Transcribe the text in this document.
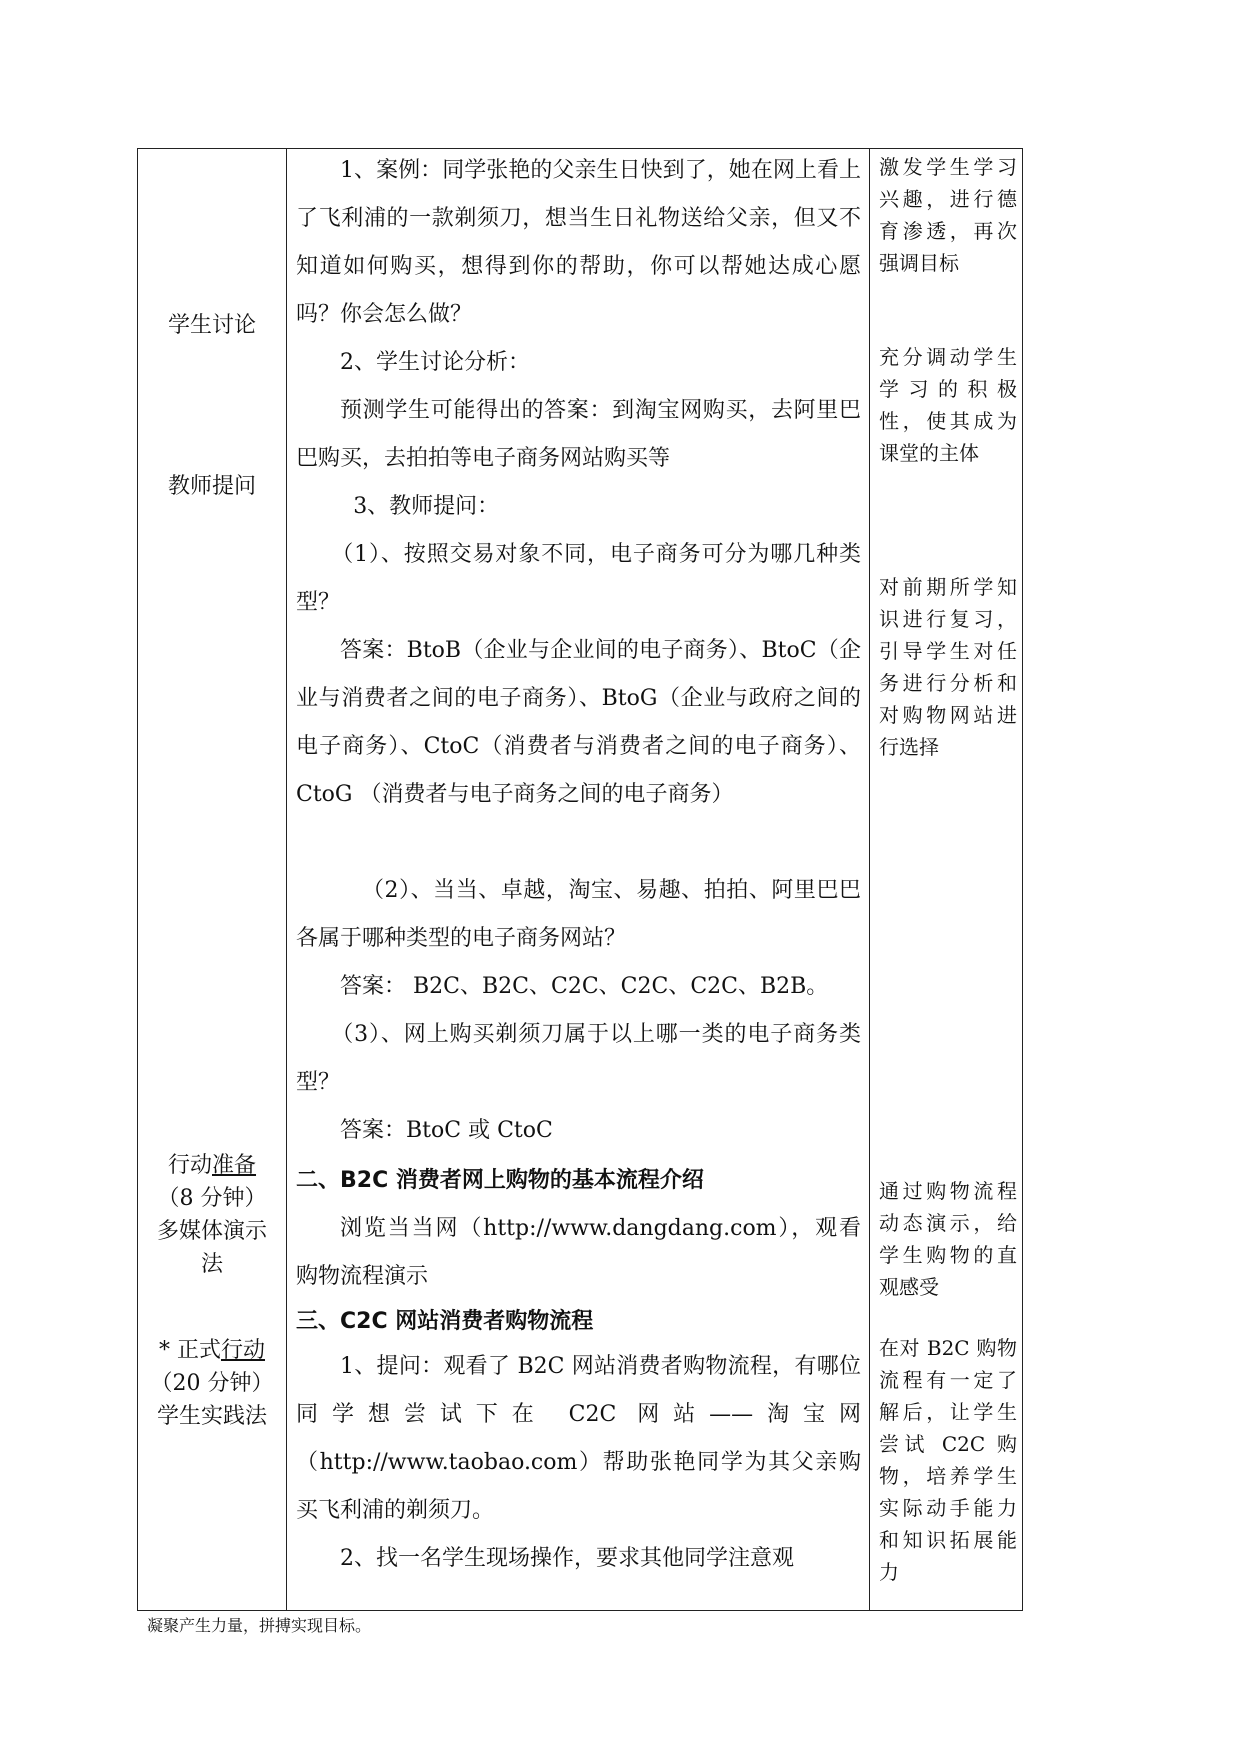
学生讨论
教师提问
行动准备
（8 分钟）
多媒体演示
法
* 正式行动
（20 分钟）
学生实践法

1、案例：同学张艳的父亲生日快到了，她在网上看上了飞利浦的一款剃须刀，想当生日礼物送给父亲，但又不知道如何购买，想得到你的帮助，你可以帮她达成心愿吗？你会怎么做？

2、学生讨论分析：

预测学生可能得出的答案：到淘宝网购买，去阿里巴巴购买，去拍拍等电子商务网站购买等

3、教师提问：

（1）、按照交易对象不同，电子商务可分为哪几种类型？

答案：BtoB（企业与企业间的电子商务）、BtoC（企业与消费者之间的电子商务）、BtoG（企业与政府之间的电子商务）、CtoC（消费者与消费者之间的电子商务）、CtoG （消费者与电子商务之间的电子商务）

（2）、当当、卓越，淘宝、易趣、拍拍、阿里巴巴各属于哪种类型的电子商务网站？

答案： B2C、B2C、C2C、C2C、C2C、B2B。

（3）、网上购买剃须刀属于以上哪一类的电子商务类型？

答案：BtoC 或 CtoC

二、B2C 消费者网上购物的基本流程介绍

浏览当当网（http://www.dangdang.com），观看购物流程演示

三、C2C 网站消费者购物流程

1、提问：观看了 B2C 网站消费者购物流程，有哪位同学想尝试下在 C2C 网站——淘宝网（http://www.taobao.com）帮助张艳同学为其父亲购买飞利浦的剃须刀。

2、找一名学生现场操作，要求其他同学注意观

激发学生学习兴趣，进行德育渗透，再次强调目标
充分调动学生学习的积极性，使其成为课堂的主体
对前期所学知识进行复习，引导学生对任务进行分析和对购物网站进行选择
通过购物流程动态演示，给学生购物的直观感受
在对 B2C 购物流程有一定了解后，让学生尝试 C2C 购物，培养学生实际动手能力和知识拓展能力
凝聚产生力量，拼搏实现目标。
